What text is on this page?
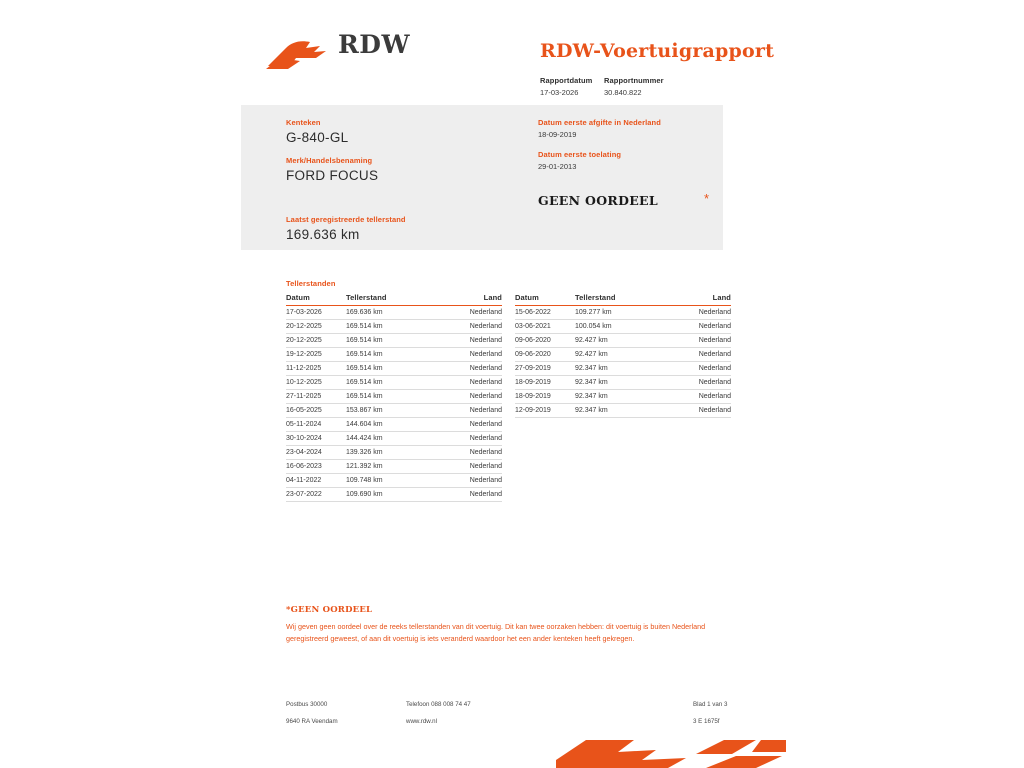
RDW	RDW-Voertuigrapport
Rapportdatum
17-03-2026
Rapportnummer
30.840.822
Kenteken
G-840-GL
Merk/Handelsbenaming
FORD FOCUS
Datum eerste afgifte in Nederland
18-09-2019
Datum eerste toelating
29-01-2013
GEEN OORDEEL	*
Laatst geregistreerde tellerstand
169.636 km
Tellerstanden
Datum	Tellerstand	Land
17-03-2026	169.636 km	Nederland
20-12-2025	169.514 km	Nederland
20-12-2025	169.514 km	Nederland
19-12-2025	169.514 km	Nederland
11-12-2025	169.514 km	Nederland
10-12-2025	169.514 km	Nederland
27-11-2025	169.514 km	Nederland
16-05-2025	153.867 km	Nederland
05-11-2024	144.604 km	Nederland
30-10-2024	144.424 km	Nederland
23-04-2024	139.326 km	Nederland
16-06-2023	121.392 km	Nederland
04-11-2022	109.748 km	Nederland
23-07-2022	109.690 km	Nederland
Datum	Tellerstand	Land
15-06-2022	109.277 km	Nederland
03-06-2021	100.054 km	Nederland
09-06-2020	92.427 km	Nederland
09-06-2020	92.427 km	Nederland
27-09-2019	92.347 km	Nederland
18-09-2019	92.347 km	Nederland
18-09-2019	92.347 km	Nederland
12-09-2019	92.347 km	Nederland
*GEEN OORDEEL
Wij geven geen oordeel over de reeks tellerstanden van dit voertuig. Dit kan twee oorzaken hebben: dit voertuig is buiten Nederland geregistreerd geweest, of aan dit voertuig is iets veranderd waardoor het een ander kenteken heeft gekregen.
Postbus 30000
9640 RA Veendam
Telefoon 088 008 74 47
www.rdw.nl
Blad 1 van 3
3 E 1675f
